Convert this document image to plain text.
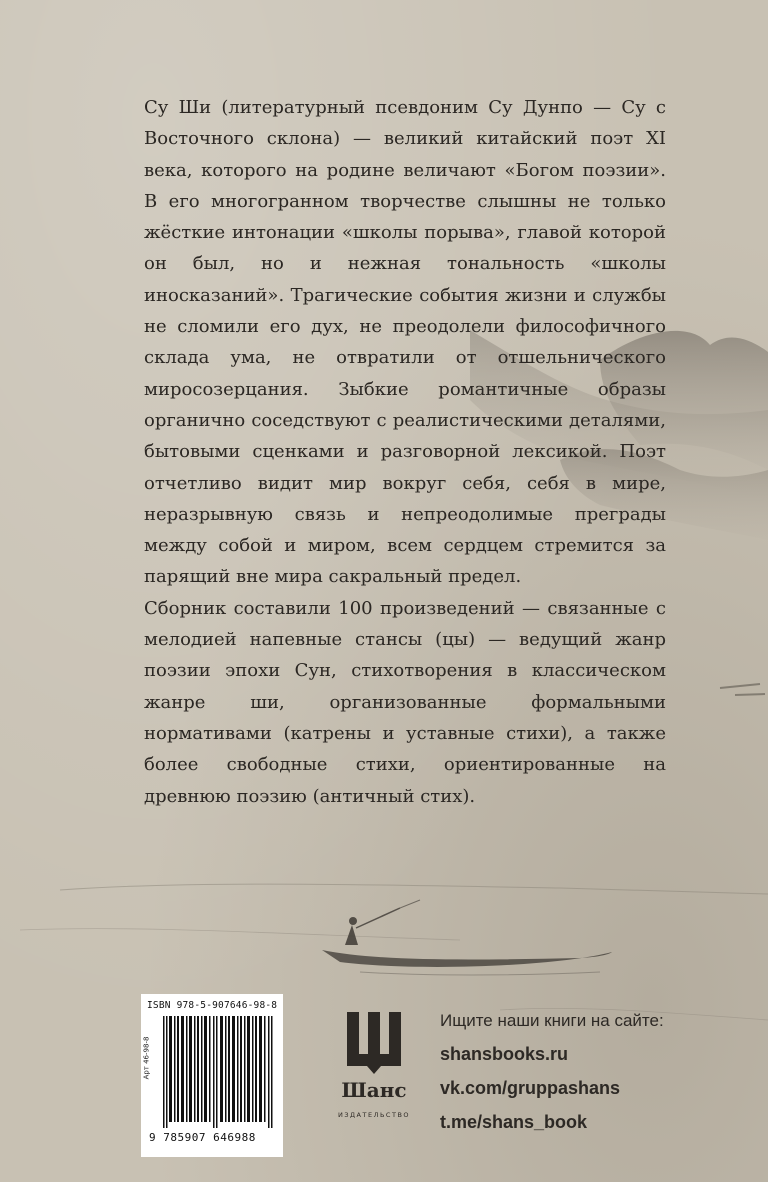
Су Ши (литературный псевдоним Су Дунпо — Су с Восточного склона) — великий китайский поэт XI века, которого на родине величают «Богом поэзии». В его многогранном творчестве слышны не только жёсткие интонации «школы порыва», главой которой он был, но и нежная тональность «школы иносказаний». Трагические события жизни и службы не сломили его дух, не преодолели философичного склада ума, не отвратили от отшельнического миросозерцания. Зыбкие романтичные образы органично соседствуют с реалистическими деталями, бытовыми сценками и разговорной лексикой. Поэт отчетливо видит мир вокруг себя, себя в мире, неразрывную связь и непреодолимые преграды между собой и миром, всем сердцем стремится за парящий вне мира сакральный предел.

Сборник составили 100 произведений — связанные с мелодией напевные стансы (цы) — ведущий жанр поэзии эпохи Сун, стихотворения в классическом жанре ши, организованные формальными нормативами (катрены и уставные стихи), а также более свободные стихи, ориентированные на древнюю поэзию (античный стих).

ISBN 978-5-907646-98-8
Арт 46-98-8
9 785907 646988
Шанс
ИЗДАТЕЛЬСТВО
Ищите наши книги на сайте:
shansbooks.ru
vk.com/gruppashans
t.me/shans_book
